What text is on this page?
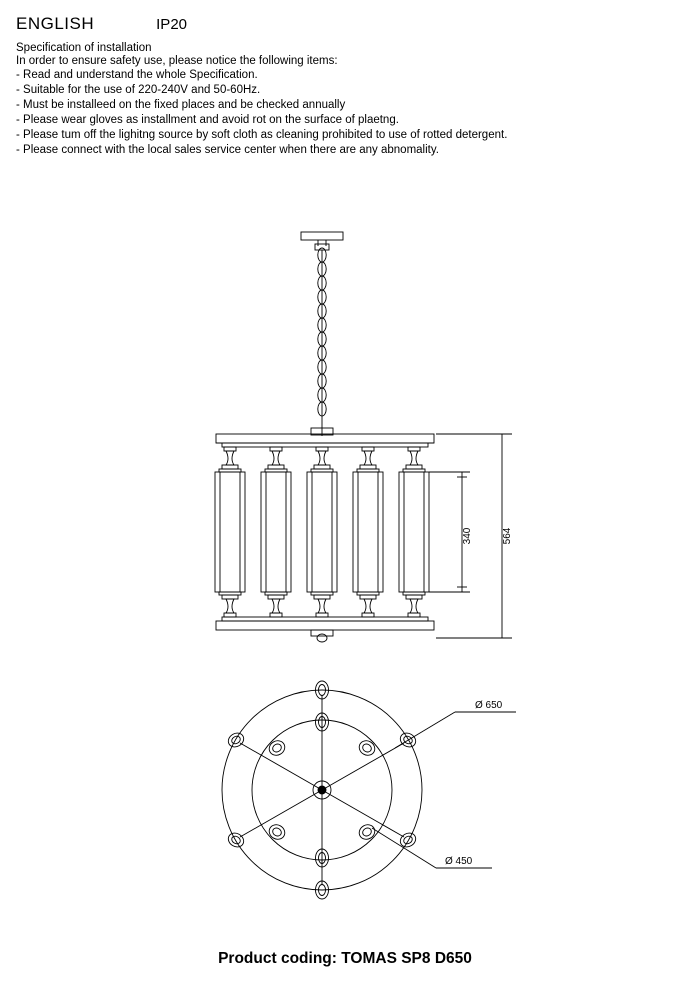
ENGLISH	IP20
Specification of installation
In order to ensure safety use, please notice the following items:
- Read and understand the whole Specification.
- Suitable for the use of 220-240V and 50-60Hz.
- Must be installeed on the fixed places and be checked annually
- Please wear gloves as installment and avoid rot on the surface of plaetng.
- Please tum off the lighitng source by soft cloth as cleaning prohibited to use of rotted detergent.
- Please connect with the local sales service center when there are any abnomality.
340	564
Ø 650
Ø 450
Product coding: TOMAS SP8 D650
